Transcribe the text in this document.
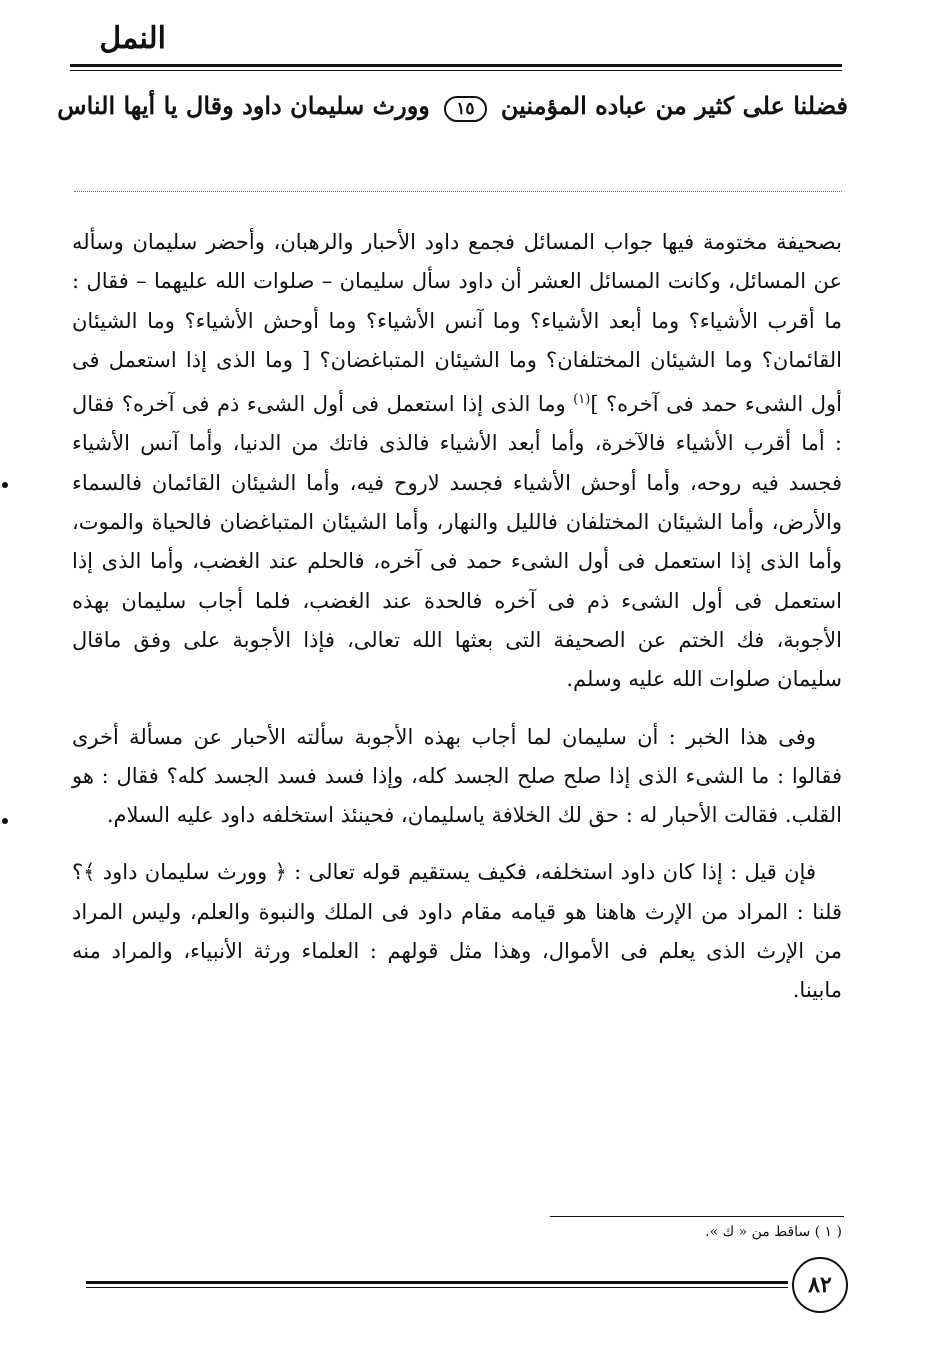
النمل
فضلنا على كثير من عباده المؤمنين ١٥ وورث سليمان داود وقال يا أيها الناس

بصحيفة مختومة فيها جواب المسائل فجمع داود الأحبار والرهبان، وأحضر سليمان وسأله عن المسائل، وكانت المسائل العشر أن داود سأل سليمان – صلوات الله عليهما – فقال : ما أقرب الأشياء؟ وما أبعد الأشياء؟ وما آنس الأشياء؟ وما أوحش الأشياء؟ وما الشيئان القائمان؟ وما الشيئان المختلفان؟ وما الشيئان المتباغضان؟ [ وما الذى إذا استعمل فى أول الشىء حمد فى آخره؟ ]$^{(١)}$ وما الذى إذا استعمل فى أول الشىء ذم فى آخره؟ فقال : أما أقرب الأشياء فالآخرة، وأما أبعد الأشياء فالذى فاتك من الدنيا، وأما آنس الأشياء فجسد فيه روحه، وأما أوحش الأشياء فجسد لاروح فيه، وأما الشيئان القائمان فالسماء والأرض، وأما الشيئان المختلفان فالليل والنهار، وأما الشيئان المتباغضان فالحياة والموت، وأما الذى إذا استعمل فى أول الشىء حمد فى آخره، فالحلم عند الغضب، وأما الذى إذا استعمل فى أول الشىء ذم فى آخره فالحدة عند الغضب، فلما أجاب سليمان بهذه الأجوبة، فك الختم عن الصحيفة التى بعثها الله تعالى، فإذا الأجوبة على وفق ماقال سليمان صلوات الله عليه وسلم.

وفى هذا الخبر : أن سليمان لما أجاب بهذه الأجوبة سألته الأحبار عن مسألة أخرى فقالوا : ما الشىء الذى إذا صلح صلح الجسد كله، وإذا فسد فسد الجسد كله؟ فقال : هو القلب. فقالت الأحبار له : حق لك الخلافة ياسليمان، فحينئذ استخلفه داود عليه السلام.

فإن قيل : إذا كان داود استخلفه، فكيف يستقيم قوله تعالى : ﴿ وورث سليمان داود ﴾؟ قلنا : المراد من الإرث هاهنا هو قيامه مقام داود فى الملك والنبوة والعلم، وليس المراد من الإرث الذى يعلم فى الأموال، وهذا مثل قولهم : العلماء ورثة الأنبياء، والمراد منه مابينا.

( ١ ) ساقط من « ك ».
٨٢
